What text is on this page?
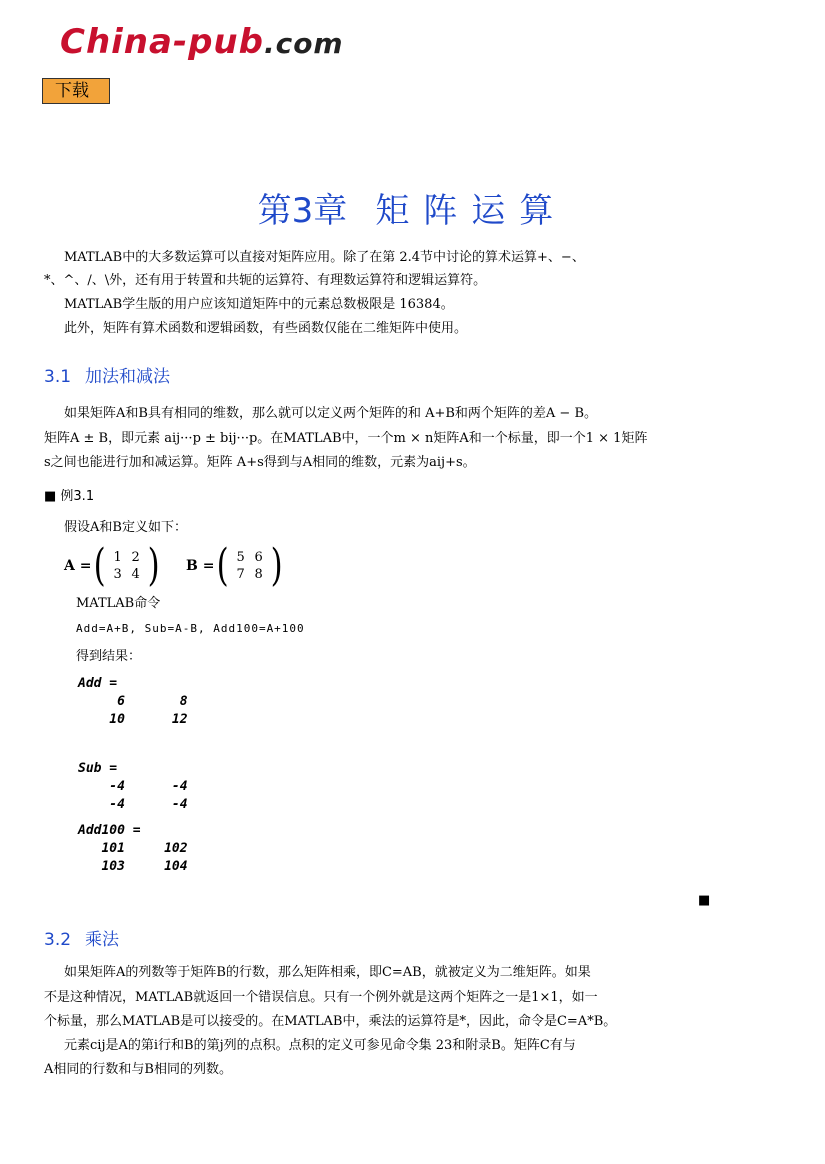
China-pub.com
下载
第3章 矩阵运算
MATLAB中的大多数运算可以直接对矩阵应用。除了在第 2.4节中讨论的算术运算+、−、
*、^、/、\外，还有用于转置和共轭的运算符、有理数运算符和逻辑运算符。
MATLAB学生版的用户应该知道矩阵中的元素总数极限是 16384。
此外，矩阵有算术函数和逻辑函数，有些函数仅能在二维矩阵中使用。
3.1 加法和减法
如果矩阵A和B具有相同的维数，那么就可以定义两个矩阵的和 A+B和两个矩阵的差A − B。
矩阵A ± B，即元素 aij···p ± bij···p。在MATLAB中，一个m × n矩阵A和一个标量，即一个1 × 1矩阵
s之间也能进行加和减运算。矩阵 A+s得到与A相同的维数，元素为aij+s。
■ 例3.1
假设A和B定义如下：
A = ( 1 2
3 4 ) B = ( 5 6
7 8 )
MATLAB命令
Add=A+B, Sub=A-B, Add100=A+100
得到结果：
Add =
6       8
10      12
Sub =
-4      -4
-4      -4
Add100 =
101     102
103     104
■
3.2 乘法
如果矩阵A的列数等于矩阵B的行数，那么矩阵相乘，即C=AB，就被定义为二维矩阵。如果
不是这种情况，MATLAB就返回一个错误信息。只有一个例外就是这两个矩阵之一是1×1，如一
个标量，那么MATLAB是可以接受的。在MATLAB中，乘法的运算符是*，因此，命令是C=A*B。
元素cij是A的第i行和B的第j列的点积。点积的定义可参见命令集 23和附录B。矩阵C有与
A相同的行数和与B相同的列数。
